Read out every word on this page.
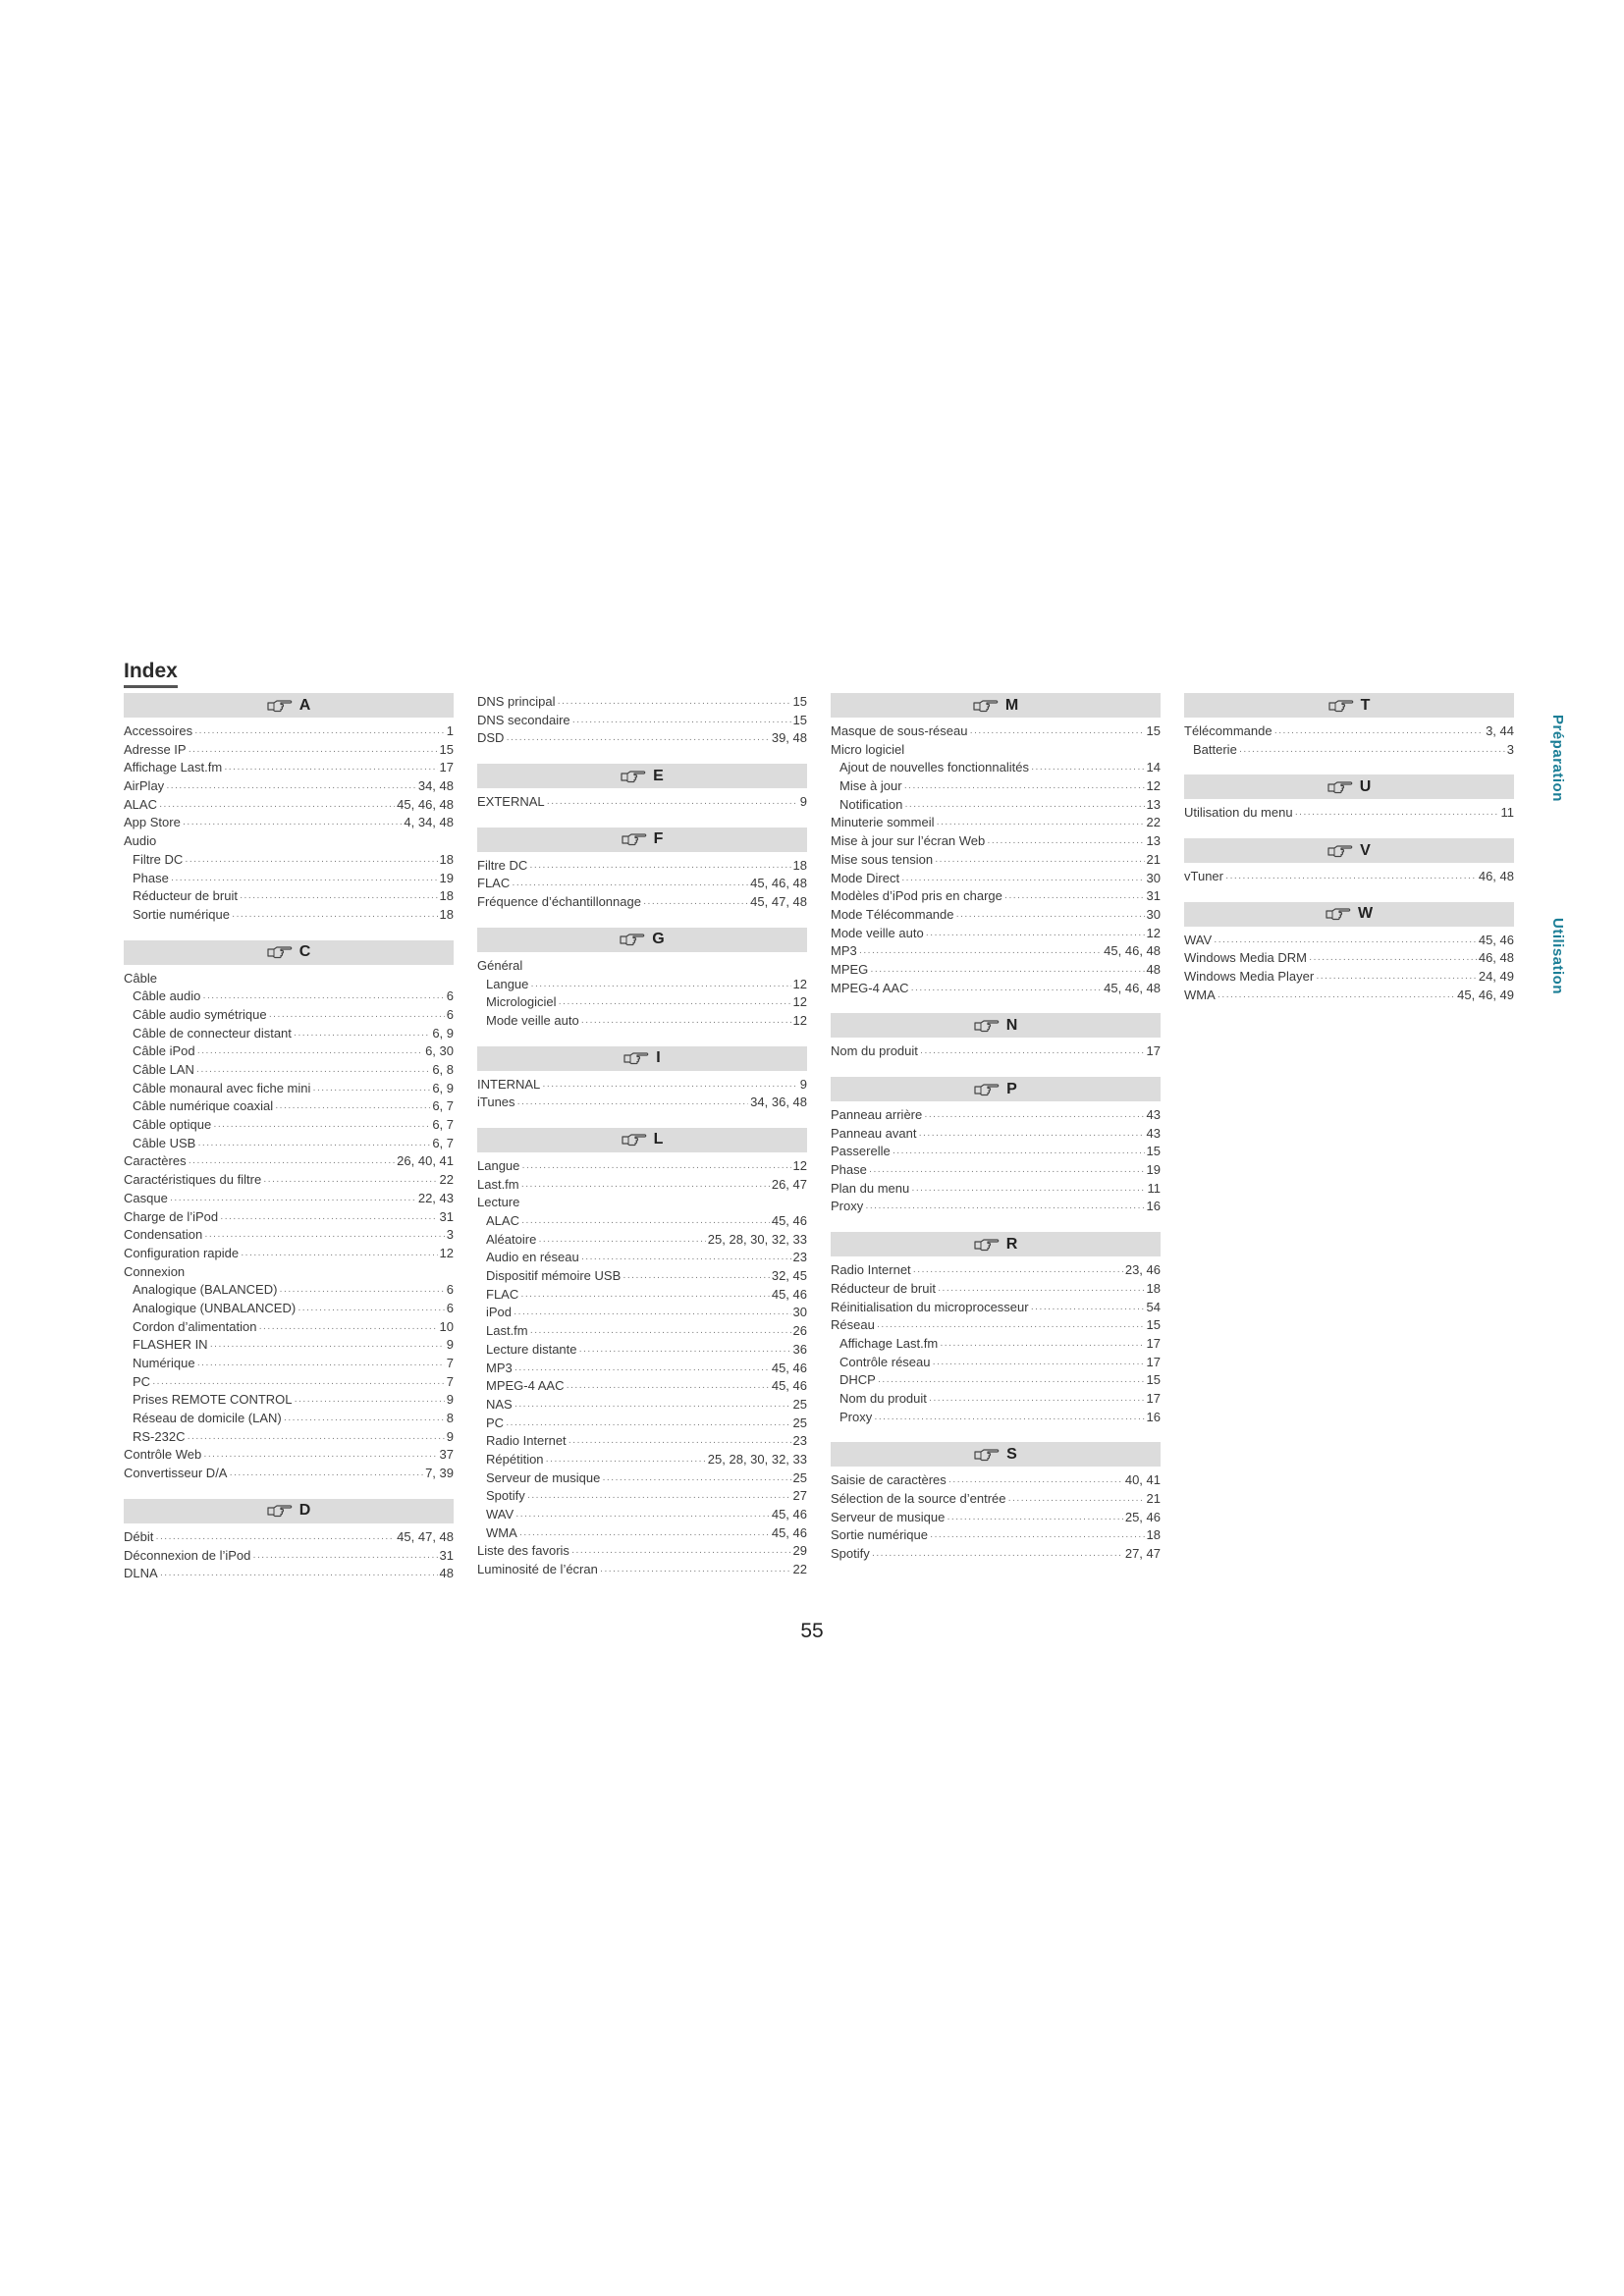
Index
A
Accessoires ·····	1
Adresse IP ·····	15
Affichage Last.fm ·····	17
AirPlay ·····	34, 48
ALAC ·····	45, 46, 48
App Store ·····	4, 34, 48
Audio
Filtre DC ·····	18
Phase ·····	19
Réducteur de bruit ·····	18
Sortie numérique ·····	18
C
Câble
Câble audio ·····	6
Câble audio symétrique ·····	6
Câble de connecteur distant ·····	6, 9
Câble iPod ·····	6, 30
Câble LAN ·····	6, 8
Câble monaural avec fiche mini ·····	6, 9
Câble numérique coaxial ·····	6, 7
Câble optique ·····	6, 7
Câble USB ·····	6, 7
Caractères ·····	26, 40, 41
Caractéristiques du filtre ·····	22
Casque ·····	22, 43
Charge de l’iPod ·····	31
Condensation ·····	3
Configuration rapide ·····	12
Connexion
Analogique (BALANCED) ·····	6
Analogique (UNBALANCED) ·····	6
Cordon d’alimentation ·····	10
FLASHER IN ·····	9
Numérique ·····	7
PC ·····	7
Prises REMOTE CONTROL ·····	9
Réseau de domicile (LAN) ·····	8
RS-232C ·····	9
Contrôle Web ·····	37
Convertisseur D/A ·····	7, 39
D
Débit ·····	45, 47, 48
Déconnexion de l’iPod ·····	31
DLNA ·····	48
DNS principal ·····	15
DNS secondaire ·····	15
DSD ·····	39, 48
E
EXTERNAL ·····	9
F
Filtre DC ·····	18
FLAC ·····	45, 46, 48
Fréquence d’échantillonnage ·····	45, 47, 48
G
Général
Langue ·····	12
Micrologiciel ·····	12
Mode veille auto ·····	12
I
INTERNAL ·····	9
iTunes ·····	34, 36, 48
L
Langue ·····	12
Last.fm ·····	26, 47
Lecture
ALAC ·····	45, 46
Aléatoire ·····	25, 28, 30, 32, 33
Audio en réseau ·····	23
Dispositif mémoire USB ·····	32, 45
FLAC ·····	45, 46
iPod ·····	30
Last.fm ·····	26
Lecture distante ·····	36
MP3 ·····	45, 46
MPEG-4 AAC ·····	45, 46
NAS ·····	25
PC ·····	25
Radio Internet ·····	23
Répétition ·····	25, 28, 30, 32, 33
Serveur de musique ·····	25
Spotify ·····	27
WAV ·····	45, 46
WMA ·····	45, 46
Liste des favoris ·····	29
Luminosité de l’écran ·····	22
M
Masque de sous-réseau ·····	15
Micro logiciel
Ajout de nouvelles fonctionnalités ·····	14
Mise à jour ·····	12
Notification ·····	13
Minuterie sommeil ·····	22
Mise à jour sur l’écran Web ·····	13
Mise sous tension ·····	21
Mode Direct ·····	30
Modèles d’iPod pris en charge ·····	31
Mode Télécommande ·····	30
Mode veille auto ·····	12
MP3 ·····	45, 46, 48
MPEG ·····	48
MPEG-4 AAC ·····	45, 46, 48
N
Nom du produit ·····	17
P
Panneau arrière ·····	43
Panneau avant ·····	43
Passerelle ·····	15
Phase ·····	19
Plan du menu ·····	11
Proxy ·····	16
R
Radio Internet ·····	23, 46
Réducteur de bruit ·····	18
Réinitialisation du microprocesseur ·····	54
Réseau ·····	15
Affichage Last.fm ·····	17
Contrôle réseau ·····	17
DHCP ·····	15
Nom du produit ·····	17
Proxy ·····	16
S
Saisie de caractères ·····	40, 41
Sélection de la source d’entrée ·····	21
Serveur de musique ·····	25, 46
Sortie numérique ·····	18
Spotify ·····	27, 47
T
Télécommande ·····	3, 44
Batterie ·····	3
U
Utilisation du menu ·····	11
V
vTuner ·····	46, 48
W
WAV ·····	45, 46
Windows Media DRM ·····	46, 48
Windows Media Player ·····	24, 49
WMA ·····	45, 46, 49
Préparation
Utilisation
55
